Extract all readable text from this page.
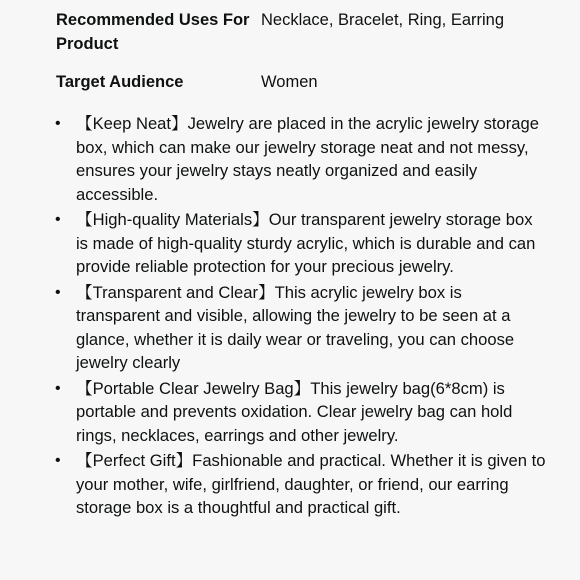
Recommended Uses For Product
Necklace, Bracelet, Ring, Earring
Target Audience	Women
• 【Keep Neat】Jewelry are placed in the acrylic jewelry storage box, which can make our jewelry storage neat and not messy, ensures your jewelry stays neatly organized and easily accessible.
• 【High-quality Materials】Our transparent jewelry storage box is made of high-quality sturdy acrylic, which is durable and can provide reliable protection for your precious jewelry.
• 【Transparent and Clear】This acrylic jewelry box is transparent and visible, allowing the jewelry to be seen at a glance, whether it is daily wear or traveling, you can choose jewelry clearly
• 【Portable Clear Jewelry Bag】This jewelry bag(6*8cm) is portable and prevents oxidation. Clear jewelry bag can hold rings, necklaces, earrings and other jewelry.
• 【Perfect Gift】Fashionable and practical. Whether it is given to your mother, wife, girlfriend, daughter, or friend, our earring storage box is a thoughtful and practical gift.
